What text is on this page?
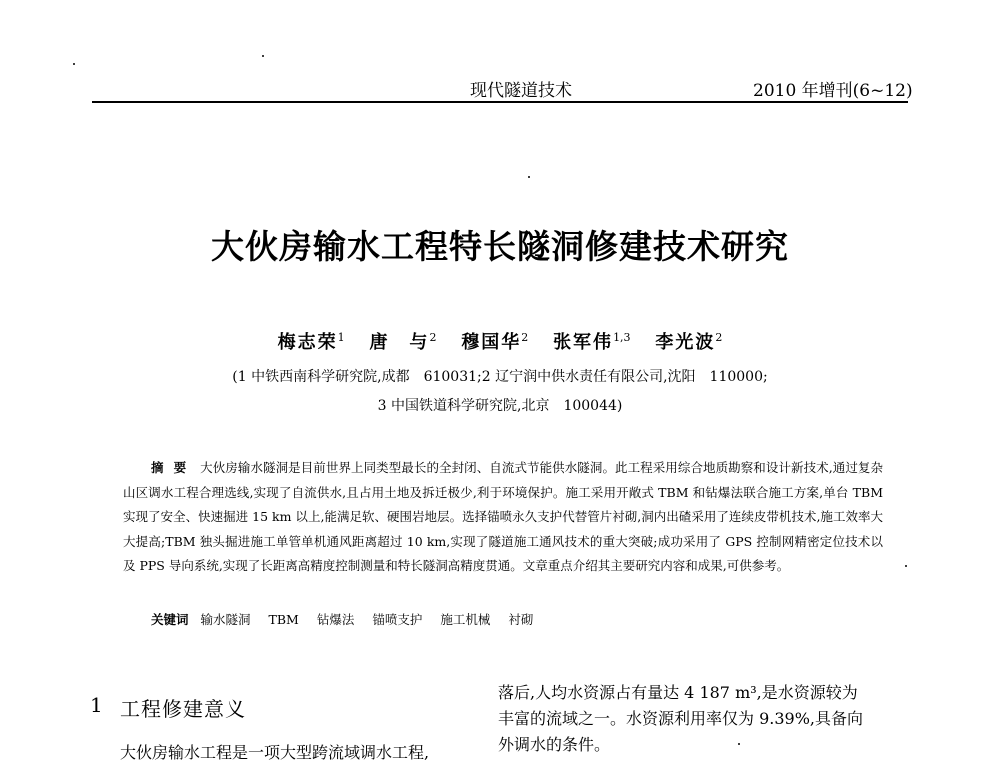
现代隧道技术	2010 年增刊(6~12)
大伙房输水工程特长隧洞修建技术研究
梅志荣$^1$ 唐　与$^2$ 穆国华$^2$ 张军伟$^{1,3}$ 李光波$^2$
(1 中铁西南科学研究院,成都　610031;2 辽宁润中供水责任有限公司,沈阳　110000;
3 中国铁道科学研究院,北京　100044)

摘要 大伙房输水隧洞是目前世界上同类型最长的全封闭、自流式节能供水隧洞。此工程采用综合地质勘察和设计新技术,通过复杂山区调水工程合理选线,实现了自流供水,且占用土地及拆迁极少,利于环境保护。施工采用开敞式 TBM 和钻爆法联合施工方案,单台 TBM 实现了安全、快速掘进 15 km 以上,能满足软、硬围岩地层。选择锚喷永久支护代替管片衬砌,洞内出碴采用了连续皮带机技术,施工效率大大提高;TBM 独头掘进施工单管单机通风距离超过 10 km,实现了隧道施工通风技术的重大突破;成功采用了 GPS 控制网精密定位技术以及 PPS 导向系统,实现了长距离高精度控制测量和特长隧洞高精度贯通。文章重点介绍其主要研究内容和成果,可供参考。

关键词 输水隧洞 TBM 钻爆法 锚喷支护 施工机械 衬砌
1 工程修建意义
大伙房输水工程是一项大型跨流域调水工程,
落后,人均水资源占有量达 4 187 m³,是水资源较为
丰富的流域之一。水资源利用率仅为 9.39%,具备向
外调水的条件。
